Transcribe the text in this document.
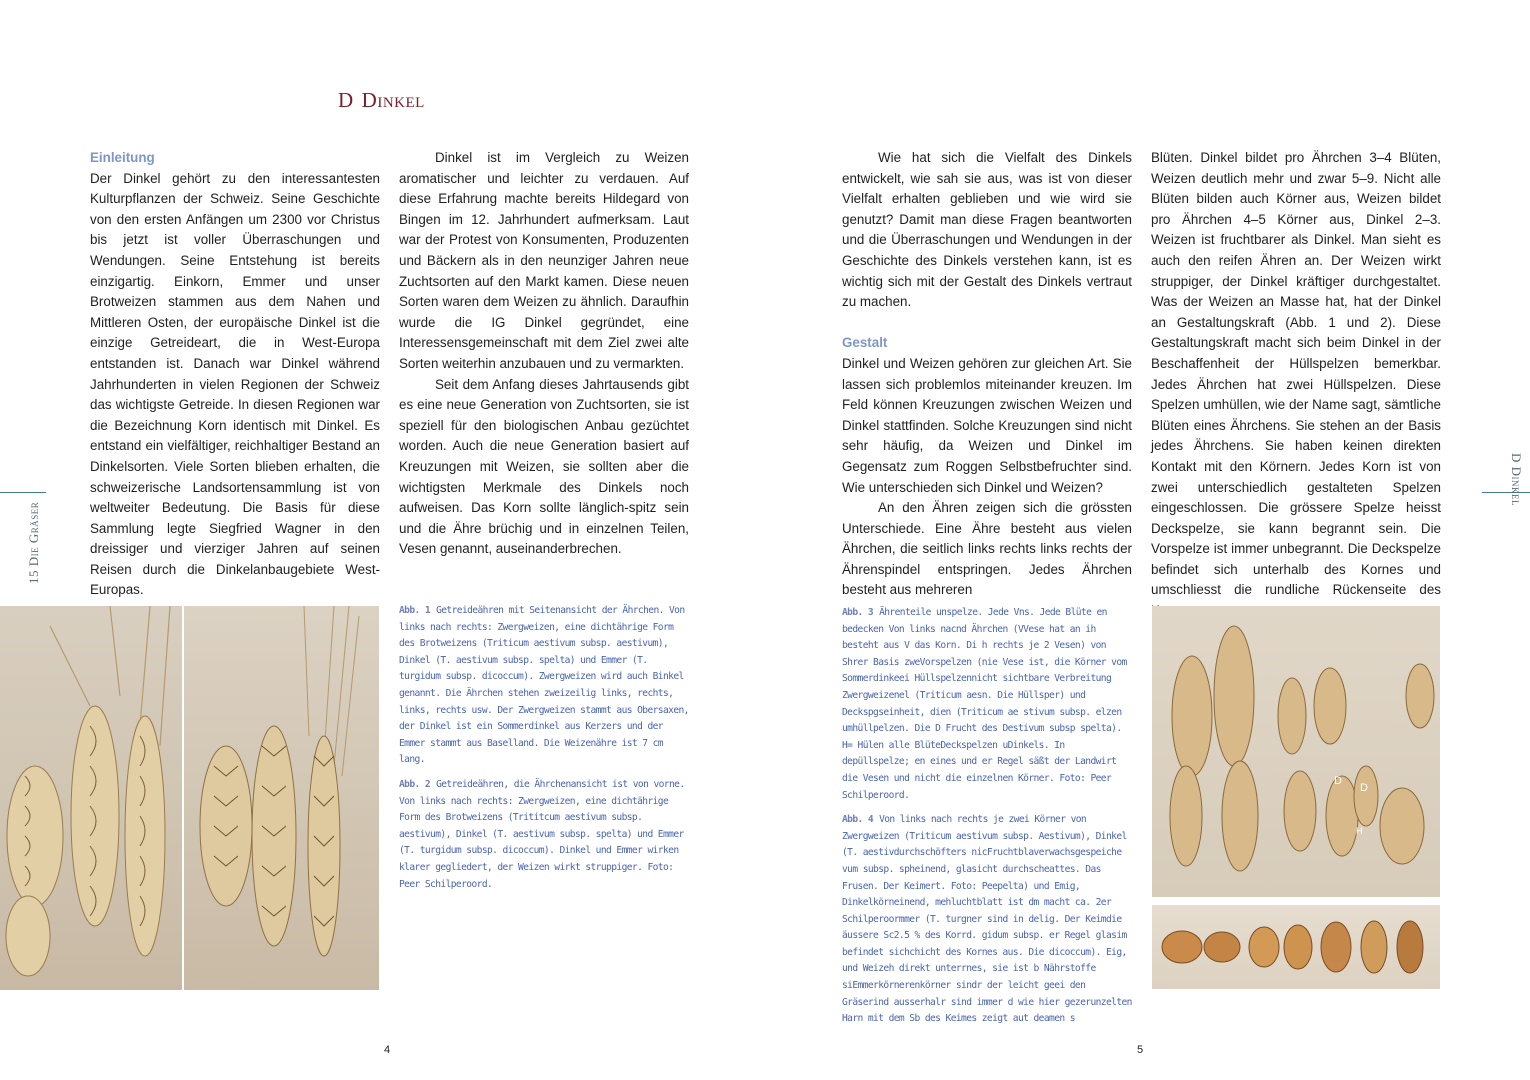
D Dinkel
Einleitung

Der Dinkel gehört zu den interessantesten Kulturpflanzen der Schweiz. Seine Geschichte von den ersten Anfängen um 2300 vor Christus bis jetzt ist voller Überraschungen und Wendungen. Seine Entstehung ist bereits einzigartig. Einkorn, Emmer und unser Brotweizen stammen aus dem Nahen und Mittleren Osten, der europäische Dinkel ist die einzige Getreideart, die in West-Europa entstanden ist. Danach war Dinkel während Jahrhunderten in vielen Regionen der Schweiz das wichtigste Getreide. In diesen Regionen war die Bezeichnung Korn identisch mit Dinkel. Es entstand ein vielfältiger, reichhaltiger Bestand an Dinkelsorten. Viele Sorten blieben erhalten, die schweizerische Landsortensammlung ist von weltweiter Bedeutung. Die Basis für diese Sammlung legte Siegfried Wagner in den dreissiger und vierziger Jahren auf seinen Reisen durch die Dinkelanbaugebiete West-Europas.

Dinkel ist im Vergleich zu Weizen aromatischer und leichter zu verdauen. Auf diese Erfahrung machte bereits Hildegard von Bingen im 12. Jahrhundert aufmerksam. Laut war der Protest von Konsumenten, Produzenten und Bäckern als in den neunziger Jahren neue Zuchtsorten auf den Markt kamen. Diese neuen Sorten waren dem Weizen zu ähnlich. Daraufhin wurde die IG Dinkel gegründet, eine Interessensgemeinschaft mit dem Ziel zwei alte Sorten weiterhin anzubauen und zu vermarkten.

Seit dem Anfang dieses Jahrtausends gibt es eine neue Generation von Zuchtsorten, sie ist speziell für den biologischen Anbau gezüchtet worden. Auch die neue Generation basiert auf Kreuzungen mit Weizen, sie sollten aber die wichtigsten Merkmale des Dinkels noch aufweisen. Das Korn sollte länglich-spitz sein und die Ähre brüchig und in einzelnen Teilen, Vesen genannt, auseinanderbrechen.

Wie hat sich die Vielfalt des Dinkels entwickelt, wie sah sie aus, was ist von dieser Vielfalt erhalten geblieben und wie wird sie genutzt? Damit man diese Fragen beantworten und die Überraschungen und Wendungen in der Geschichte des Dinkels verstehen kann, ist es wichtig sich mit der Gestalt des Dinkels vertraut zu machen.

Gestalt

Dinkel und Weizen gehören zur gleichen Art. Sie lassen sich problemlos miteinander kreuzen. Im Feld können Kreuzungen zwischen Weizen und Dinkel stattfinden. Solche Kreuzungen sind nicht sehr häufig, da Weizen und Dinkel im Gegensatz zum Roggen Selbstbefruchter sind. Wie unterschieden sich Dinkel und Weizen?

An den Ähren zeigen sich die grössten Unterschiede. Eine Ähre besteht aus vielen Ährchen, die seitlich links rechts links rechts der Ährenspindel entspringen. Jedes Ährchen besteht aus mehreren

Blüten. Dinkel bildet pro Ährchen 3–4 Blüten, Weizen deutlich mehr und zwar 5–9. Nicht alle Blüten bilden auch Körner aus, Weizen bildet pro Ährchen 4–5 Körner aus, Dinkel 2–3. Weizen ist fruchtbarer als Dinkel. Man sieht es auch den reifen Ähren an. Der Weizen wirkt struppiger, der Dinkel kräftiger durchgestaltet. Was der Weizen an Masse hat, hat der Dinkel an Gestaltungskraft (Abb. 1 und 2). Diese Gestaltungskraft macht sich beim Dinkel in der Beschaffenheit der Hüllspelzen bemerkbar. Jedes Ährchen hat zwei Hüllspelzen. Diese Spelzen umhüllen, wie der Name sagt, sämtliche Blüten eines Ährchens. Sie stehen an der Basis jedes Ährchens. Sie haben keinen direkten Kontakt mit den Körnern. Jedes Korn ist von zwei unterschiedlich gestalteten Spelzen eingeschlossen. Die grössere Spelze heisst Deckspelze, sie kann begrannt sein. Die Vorspelze ist immer unbegrannt. Die Deckspelze befindet sich unterhalb des Kornes und umschliesst die rundliche Rückenseite des

15 Die Gräser
D Dinkel

Abb. 1 Getreideähren mit Seitenansicht der Ährchen. Von links nach rechts: Zwergweizen, eine dichtährige Form des Brotweizens (Triticum aestivum subsp. aestivum), Dinkel (T. aestivum subsp. spelta) und Emmer (T. turgidum subsp. dicoccum). Zwergweizen wird auch Binkel genannt. Die Ährchen stehen zweizeilig links, rechts, links, rechts usw. Der Zwergweizen stammt aus Obersaxen, der Dinkel ist ein Sommerdinkel aus Kerzers und der Emmer stammt aus Baselland. Die Weizenähre ist 7 cm lang.

Abb. 2 Getreideähren, die Ährchenansicht ist von vorne. Von links nach rechts: Zwergweizen, eine dichtährige Form des Brotweizens (Trititcum aestivum subsp. aestivum), Dinkel (T. aestivum subsp. spelta) und Emmer (T. turgidum subsp. dicoccum). Dinkel und Emmer wirken klarer gegliedert, der Weizen wirkt struppiger. Foto: Peer Schilperoord.

Abb. 3 Ährenteile unspelze. Jede Vns. Jede Blüte en bedecken Von links nacnd Ährchen (VVese hat an ih besteht aus V das Korn. Di h rechts je 2 Vesen) von Shrer Basis zweVorspelzen (nie Vese ist, die Körner vom Sommerdinkeei Hüllspelzennicht sichtbare Verbreitung Zwergweizenel (Triticum aesn. Die Hüllsper) und Deckspgseinheit, dien (Triticum ae stivum subsp. elzen umhüllpelzen. Die D Frucht des Destivum subsp spelta). H= Hülen alle BlüteDeckspelzen uDinkels. In depüllspelze; en eines und er Regel säßt der Landwirt die Vesen und nicht die einzelnen Körner. Foto: Peer Schilperoord.

Abb. 4 Von links nach rechts je zwei Körner von Zwergweizen (Triticum aestivum subsp. Aestivum), Dinkel (T. aestivdurchschöfters nicFruchtblaverwachsgespeiche vum subsp. spheinend, glasicht durchscheattes. Das Frusen. Der Keimert. Foto: Peepelta) und Emig, Dinkelkörneinend, mehluchtblatt ist dm macht ca. 2er Schilperoormmer (T. turgner sind in delig. Der Keimdie äussere Sc2.5 % des Korrd. gidum subsp. er Regel glasim befindet sichchicht des Kornes aus. Die dicoccum). Eig, und Weizeh direkt unterrnes, sie ist b Nährstoffe siEmmerkörnerenkörner sindr der leicht geei den Gräserind ausserhalr sind immer d wie hier gezerunzelten Harn mit dem Sb des Keimes zeigt aut deamen s

D
D
H
4	5
